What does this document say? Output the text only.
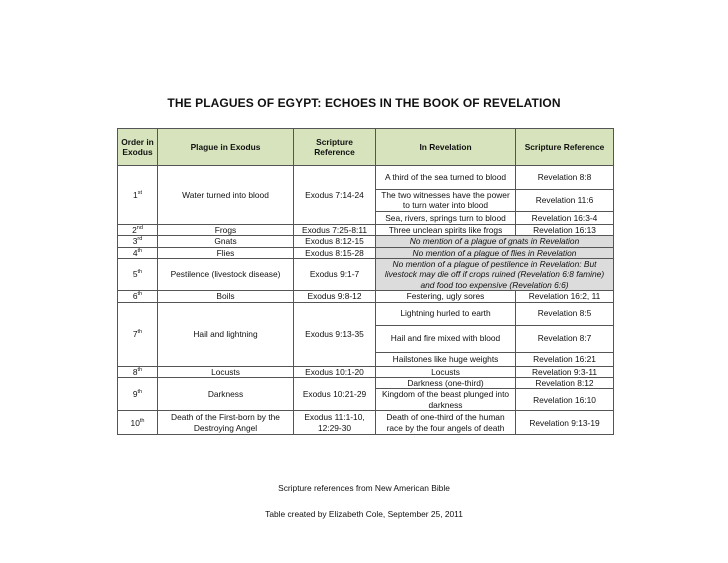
THE PLAGUES OF EGYPT: ECHOES IN THE BOOK OF REVELATION
Order in Exodus	Plague in Exodus	Scripture Reference	In Revelation	Scripture Reference
1st	Water turned into blood	Exodus 7:14-24	A third of the sea turned to blood	Revelation 8:8
			The two witnesses have the power to turn water into blood	Revelation 11:6
			Sea, rivers, springs turn to blood	Revelation 16:3-4
2nd	Frogs	Exodus 7:25-8:11	Three unclean spirits like frogs	Revelation 16:13
3rd	Gnats	Exodus 8:12-15	No mention of a plague of gnats in Revelation	
4th	Flies	Exodus 8:15-28	No mention of a plague of flies in Revelation	
5th	Pestilence (livestock disease)	Exodus 9:1-7	No mention of a plague of pestilence in Revelation: But livestock may die off if crops ruined (Revelation 6:8 famine) and food too expensive (Revelation 6:6)	
6th	Boils	Exodus 9:8-12	Festering, ugly sores	Revelation 16:2, 11
7th	Hail and lightning	Exodus 9:13-35	Lightning hurled to earth	Revelation 8:5
			Hail and fire mixed with blood	Revelation 8:7
			Hailstones like huge weights	Revelation 16:21
8th	Locusts	Exodus 10:1-20	Locusts	Revelation 9:3-11
9th	Darkness	Exodus 10:21-29	Darkness (one-third)	Revelation 8:12
			Kingdom of the beast plunged into darkness	Revelation 16:10
10th	Death of the First-born by the Destroying Angel	Exodus 11:1-10, 12:29-30	Death of one-third of the human race by the four angels of death	Revelation 9:13-19
Scripture references from New American Bible
Table created by Elizabeth Cole, September 25, 2011
